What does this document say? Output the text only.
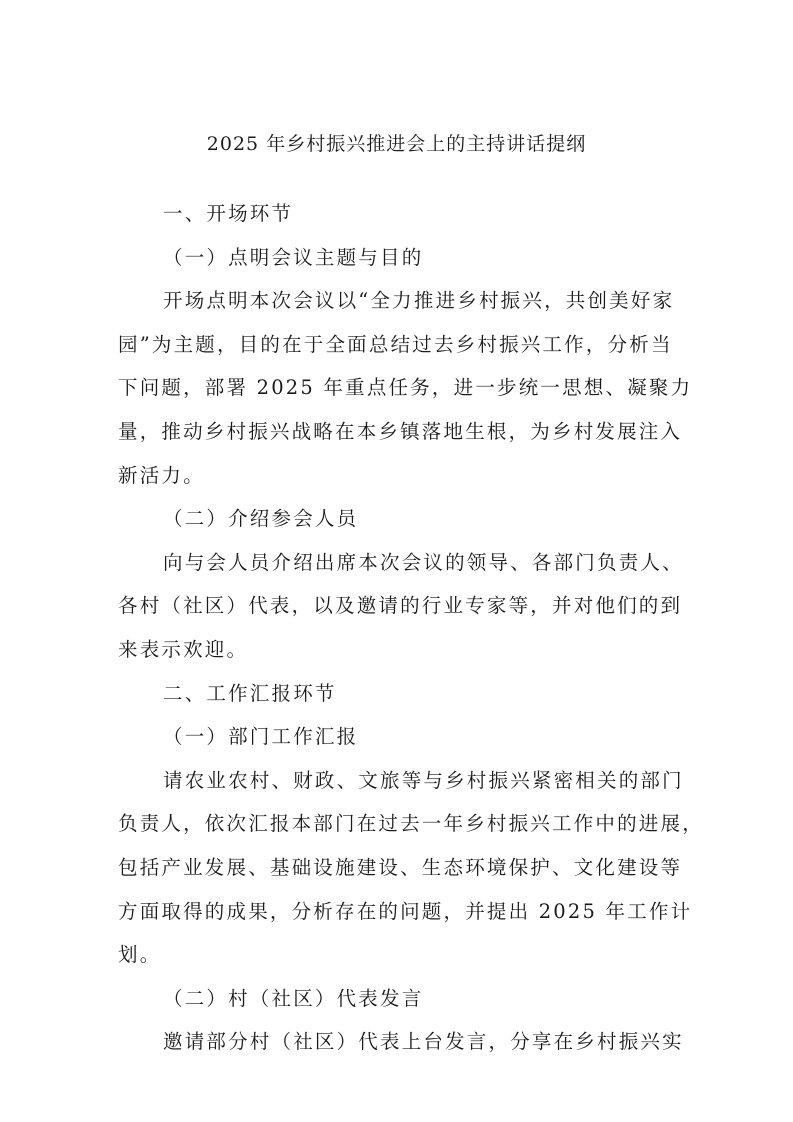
2025 年乡村振兴推进会上的主持讲话提纲
一、开场环节
（一）点明会议主题与目的
开场点明本次会议以“全力推进乡村振兴，共创美好家
园”为主题，目的在于全面总结过去乡村振兴工作，分析当
下问题，部署 2025 年重点任务，进一步统一思想、凝聚力
量，推动乡村振兴战略在本乡镇落地生根，为乡村发展注入
新活力。
（二）介绍参会人员
向与会人员介绍出席本次会议的领导、各部门负责人、
各村（社区）代表，以及邀请的行业专家等，并对他们的到
来表示欢迎。
二、工作汇报环节
（一）部门工作汇报
请农业农村、财政、文旅等与乡村振兴紧密相关的部门
负责人，依次汇报本部门在过去一年乡村振兴工作中的进展，
包括产业发展、基础设施建设、生态环境保护、文化建设等
方面取得的成果，分析存在的问题，并提出 2025 年工作计
划。
（二）村（社区）代表发言
邀请部分村（社区）代表上台发言，分享在乡村振兴实
